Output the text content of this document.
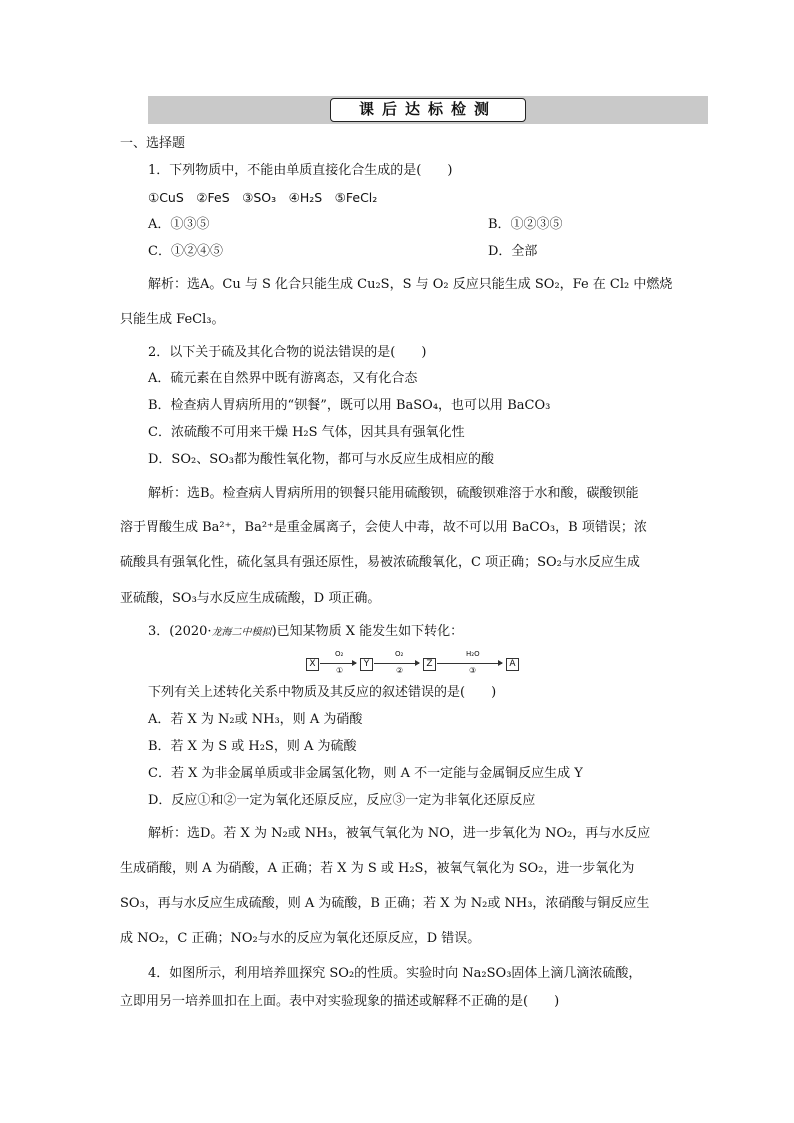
课后达标检测
一、选择题
1．下列物质中，不能由单质直接化合生成的是(　　)
①CuS　②FeS　③SO₃　④H₂S　⑤FeCl₂
A．①③⑤	B．①②③⑤
C．①②④⑤	D．全部
解析：选A。Cu 与 S 化合只能生成 Cu₂S，S 与 O₂ 反应只能生成 SO₂，Fe 在 Cl₂ 中燃烧
只能生成 FeCl₃。
2．以下关于硫及其化合物的说法错误的是(　　)
A．硫元素在自然界中既有游离态，又有化合态
B．检查病人胃病所用的“钡餐”，既可以用 BaSO₄，也可以用 BaCO₃
C．浓硫酸不可用来干燥 H₂S 气体，因其具有强氧化性
D．SO₂、SO₃都为酸性氧化物，都可与水反应生成相应的酸
解析：选B。检查病人胃病所用的钡餐只能用硫酸钡，硫酸钡难溶于水和酸，碳酸钡能
溶于胃酸生成 Ba²⁺，Ba²⁺是重金属离子，会使人中毒，故不可以用 BaCO₃，B 项错误；浓
硫酸具有强氧化性，硫化氢具有强还原性，易被浓硫酸氧化，C 项正确；SO₂与水反应生成
亚硫酸，SO₃与水反应生成硫酸，D 项正确。
3．(2020·龙海二中模拟)已知某物质 X 能发生如下转化：
X
O₂
①
Y
O₂
②
Z
H₂O
③
A
下列有关上述转化关系中物质及其反应的叙述错误的是(　　)
A．若 X 为 N₂或 NH₃，则 A 为硝酸
B．若 X 为 S 或 H₂S，则 A 为硫酸
C．若 X 为非金属单质或非金属氢化物，则 A 不一定能与金属铜反应生成 Y
D．反应①和②一定为氧化还原反应，反应③一定为非氧化还原反应
解析：选D。若 X 为 N₂或 NH₃，被氧气氧化为 NO，进一步氧化为 NO₂，再与水反应
生成硝酸，则 A 为硝酸，A 正确；若 X 为 S 或 H₂S，被氧气氧化为 SO₂，进一步氧化为
SO₃，再与水反应生成硫酸，则 A 为硫酸，B 正确；若 X 为 N₂或 NH₃，浓硝酸与铜反应生
成 NO₂，C 正确；NO₂与水的反应为氧化还原反应，D 错误。
4．如图所示，利用培养皿探究 SO₂的性质。实验时向 Na₂SO₃固体上滴几滴浓硫酸，
立即用另一培养皿扣在上面。表中对实验现象的描述或解释不正确的是(　　)
